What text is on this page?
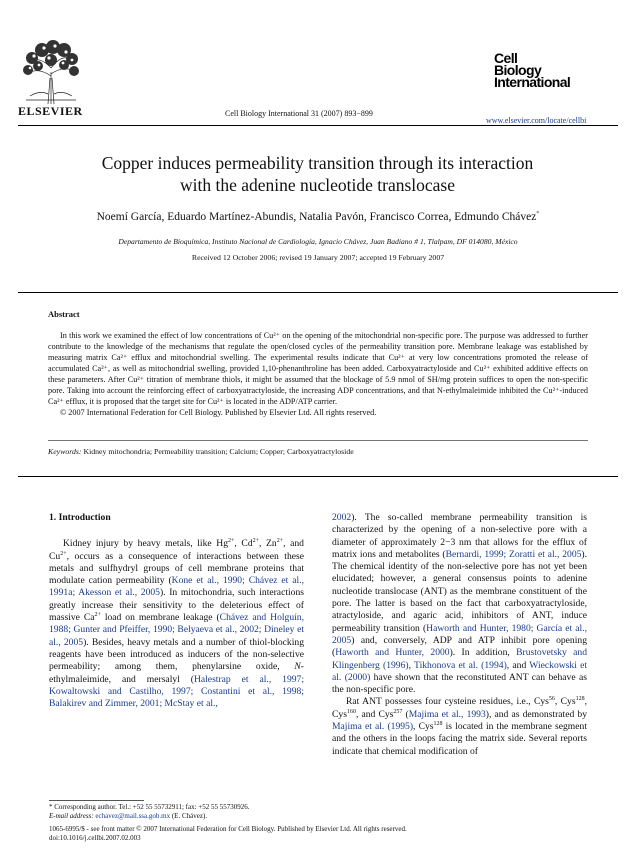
ELSEVIER	Cell Biology International 31 (2007) 893−899
Cell
Biology
International
www.elsevier.com/locate/cellbi
Copper induces permeability transition through its interaction
with the adenine nucleotide translocase
Noemí García, Eduardo Martínez-Abundis, Natalia Pavón, Francisco Correa, Edmundo Chávez*
Departamento de Bioquímica, Instituto Nacional de Cardiología, Ignacio Chávez, Juan Badiano # 1, Tlalpam, DF 014080, México
Received 12 October 2006; revised 19 January 2007; accepted 19 February 2007
Abstract

In this work we examined the effect of low concentrations of Cu²⁺ on the opening of the mitochondrial non-specific pore. The purpose was addressed to further contribute to the knowledge of the mechanisms that regulate the open/closed cycles of the permeability transition pore. Membrane leakage was established by measuring matrix Ca²⁺ efflux and mitochondrial swelling. The experimental results indicate that Cu²⁺ at very low concentrations promoted the release of accumulated Ca²⁺, as well as mitochondrial swelling, provided 1,10-phenanthroline has been added. Carboxyatractyloside and Cu²⁺ exhibited additive effects on these parameters. After Cu²⁺ titration of membrane thiols, it might be assumed that the blockage of 5.9 nmol of SH/mg protein suffices to open the non-specific pore. Taking into account the reinforcing effect of carboxyatractyloside, the increasing ADP concentrations, and that N-ethylmaleimide inhibited the Cu²⁺-induced Ca²⁺ efflux, it is proposed that the target site for Cu²⁺ is located in the ADP/ATP carrier.

© 2007 International Federation for Cell Biology. Published by Elsevier Ltd. All rights reserved.

Keywords: Kidney mitochondria; Permeability transition; Calcium; Copper; Carboxyatractyloside

1. Introduction

Kidney injury by heavy metals, like $Hg^{2+}$, $Cd^{2+}$, $Zn^{2+}$, and $Cu^{2+}$, occurs as a consequence of interactions between these metals and sulfhydryl groups of cell membrane proteins that modulate cation permeability (Kone et al., 1990; Chávez et al., 1991a; Akesson et al., 2005). In mitochondria, such interactions greatly increase their sensitivity to the deleterious effect of massive $Ca^{2+}$ load on membrane leakage (Chávez and Holguín, 1988; Gunter and Pfeiffer, 1990; Belyaeva et al., 2002; Dineley et al., 2005). Besides, heavy metals and a number of thiol-blocking reagents have been introduced as inducers of the non-selective permeability; among them, phenylarsine oxide, N-ethylmaleimide, and mersalyl (Halestrap et al., 1997; Kowaltowski and Castilho, 1997; Costantini et al., 1998; Balakirev and Zimmer, 2001; McStay et al.,

2002). The so-called membrane permeability transition is characterized by the opening of a non-selective pore with a diameter of approximately 2−3 nm that allows for the efflux of matrix ions and metabolites (Bernardi, 1999; Zoratti et al., 2005). The chemical identity of the non-selective pore has not yet been elucidated; however, a general consensus points to adenine nucleotide translocase (ANT) as the membrane constituent of the pore. The latter is based on the fact that carboxyatractyloside, atractyloside, and agaric acid, inhibitors of ANT, induce permeability transition (Haworth and Hunter, 1980; García et al., 2005) and, conversely, ADP and ATP inhibit pore opening (Haworth and Hunter, 2000). In addition, Brustovetsky and Klingenberg (1996), Tikhonova et al. (1994), and Wieckowski et al. (2000) have shown that the reconstituted ANT can behave as the non-specific pore.

Rat ANT possesses four cysteine residues, i.e., Cys$^{56}$, Cys$^{128}$, Cys$^{160}$, and Cys$^{257}$ (Majima et al., 1993), and as demonstrated by Majima et al. (1995), Cys$^{128}$ is located in the membrane segment and the others in the loops facing the matrix side. Several reports indicate that chemical modification of

* Corresponding author. Tel.: +52 55 55732911; fax: +52 55 55730926.

E-mail address: echavez@mail.ssa.gob.mx (E. Chávez).

1065-6995/$ - see front matter © 2007 International Federation for Cell Biology. Published by Elsevier Ltd. All rights reserved.

doi:10.1016/j.cellbi.2007.02.003
